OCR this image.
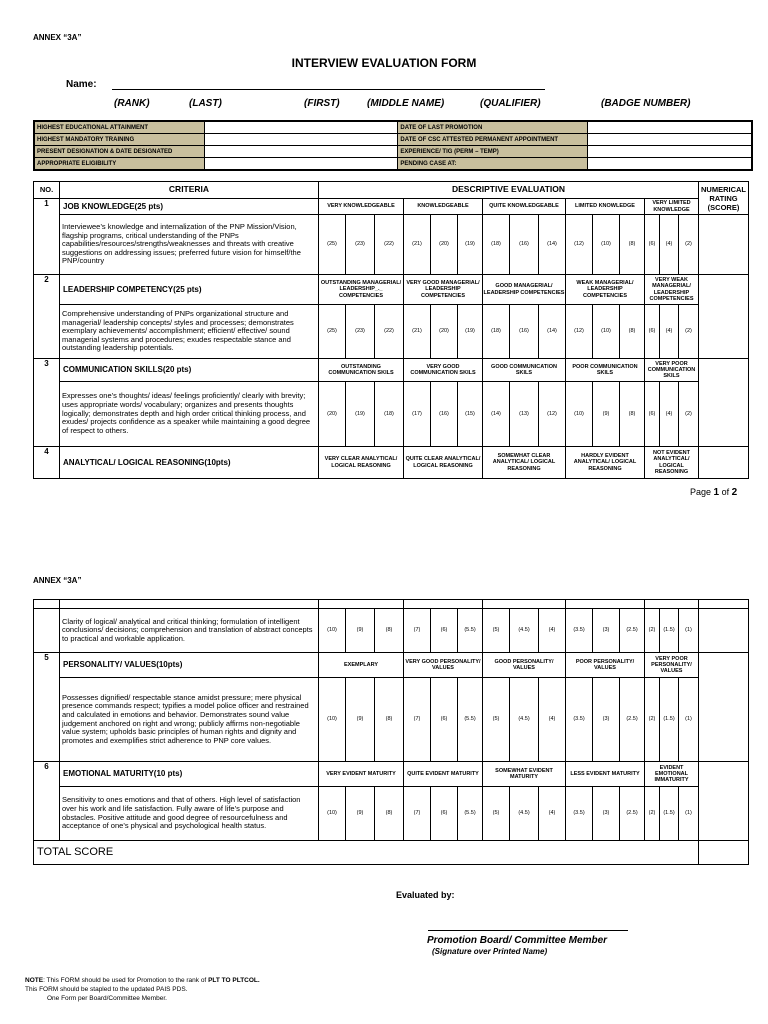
ANNEX “3A”
INTERVIEW EVALUATION FORM
Name:
(RANK)	(LAST)	(FIRST)	(MIDDLE NAME)	(QUALIFIER)	(BADGE NUMBER)
HIGHEST EDUCATIONAL ATTAINMENT		DATE OF LAST PROMOTION	
HIGHEST MANDATORY TRAINING		DATE OF CSC ATTESTED PERMANENT APPOINTMENT	
PRESENT DESIGNATION & DATE DESIGNATED		EXPERIENCE/ TIG (PERM – TEMP)	
APPROPRIATE ELIGIBILITY		PENDING CASE AT:	
NO.	CRITERIA	DESCRIPTIVE EVALUATION															NUMERICAL RATING (SCORE)
1	JOB KNOWLEDGE(25 pts)	VERY KNOWLEDGEABLE			KNOWLEDGEABLE			QUITE KNOWLEDGEABLE			LIMITED KNOWLEDGE			VERY LIMITED KNOWLEDGE			
	Interviewee’s knowledge and internalization of the PNP Mission/Vision, flagship programs, critical understanding of the PNPs capabilities/resources/strengths/weaknesses and threats with creative suggestions on addressing issues; preferred future vision for himself/the PNP/country	(25)	(23)	(22)	(21)	(20)	(19)	(18)	(16)	(14)	(12)	(10)	(8)	(6)	(4)	(2)	
2	LEADERSHIP COMPETENCY(25 pts)	OUTSTANDING MANAGERIAL/ LEADERSHIP_._ COMPETENCIES			VERY GOOD MANAGERIAL/ LEADERSHIP COMPETENCIES			GOOD MANAGERIAL/ LEADERSHIP COMPETENCIES			WEAK MANAGERIAL/ LEADERSHIP COMPETENCIES			VERY WEAK MANAGERIAL/ LEADERSHIP COMPETENCIES			
	Comprehensive understanding of PNPs organizational structure and managerial/ leadership concepts/ styles and processes; demonstrates exemplary achievements/ accomplishment; efficient/ effective/ sound managerial systems and procedures; exudes respectable stance and outstanding leadership potentials.	(25)	(23)	(22)	(21)	(20)	(19)	(18)	(16)	(14)	(12)	(10)	(8)	(6)	(4)	(2)	
3	COMMUNICATION SKILLS(20 pts)	OUTSTANDING COMMUNICATION SKILS			VERY GOOD COMMUNICATION SKILS			GOOD COMMUNICATION SKILS			POOR COMMUNICATION SKILS			VERY POOR COMMUNICATION SKILS			
	Expresses one’s thoughts/ ideas/ feelings proficiently/ clearly with brevity; uses appropriate words/ vocabulary; organizes and presents thoughts logically; demonstrates depth and high order critical thinking process, and exudes/ projects confidence as a speaker while maintaining a good degree of respect to others.	(20)	(19)	(18)	(17)	(16)	(15)	(14)	(13)	(12)	(10)	(9)	(8)	(6)	(4)	(2)	
4	ANALYTICAL/ LOGICAL REASONING(10pts)	VERY CLEAR ANALYTICAL/ LOGICAL REASONING			QUITE CLEAR ANALYTICAL/ LOGICAL REASONING			SOMEWHAT CLEAR ANALYTICAL/ LOGICAL REASONING			HARDLY EVIDENT ANALYTICAL/ LOGICAL REASONING			NOT EVIDENT ANALYTICAL/ LOGICAL REASONING			
Page 1 of 2
ANNEX “3A”

	Clarity of logical/ analytical and critical thinking; formulation of intelligent conclusions/ decisions; comprehension and translation of abstract concepts to practical and workable application.	(10)	(9)	(8)	(7)	(6)	(5.5)	(5)	(4.5)	(4)	(3.5)	(3)	(2.5)	(2)	(1.5)	(1)	
5	PERSONALITY/ VALUES(10pts)	EXEMPLARY			VERY GOOD PERSONALITY/ VALUES			GOOD PERSONALITY/ VALUES			POOR PERSONALITY/ VALUES			VERY POOR PERSONALITY/ VALUES			
	Possesses dignified/ respectable stance amidst pressure; mere physical presence commands respect; typifies a model police officer and restrained and calculated in emotions and behavior. Demonstrates sound value judgement anchored on right and wrong; publicly affirms non-negotiable value system; upholds basic principles of human rights and dignity and promotes and exemplifies strict adherence to PNP core values.	(10)	(9)	(8)	(7)	(6)	(5.5)	(5)	(4.5)	(4)	(3.5)	(3)	(2.5)	(2)	(1.5)	(1)	
6	EMOTIONAL MATURITY(10 pts)	VERY EVIDENT MATURITY			QUITE EVIDENT MATURITY			SOMEWHAT EVIDENT MATURITY			LESS EVIDENT MATURITY			EVIDENT EMOTIONAL IMMATURITY			
	Sensitivity to ones emotions and that of others. High level of satisfaction over his work and life satisfaction. Fully aware of life’s purpose and obstacles. Positive attitude and good degree of resourcefulness and acceptance of one’s physical and psychological health status.	(10)	(9)	(8)	(7)	(6)	(5.5)	(5)	(4.5)	(4)	(3.5)	(3)	(2.5)	(2)	(1.5)	(1)	
TOTAL SCORE																	
Evaluated by:
Promotion Board/ Committee Member
(Signature over Printed Name)
NOTE: This FORM should be used for Promotion to the rank of PLT TO PLTCOL.
This FORM should be stapled to the updated PAIS PDS.
One Form per Board/Committee Member.
